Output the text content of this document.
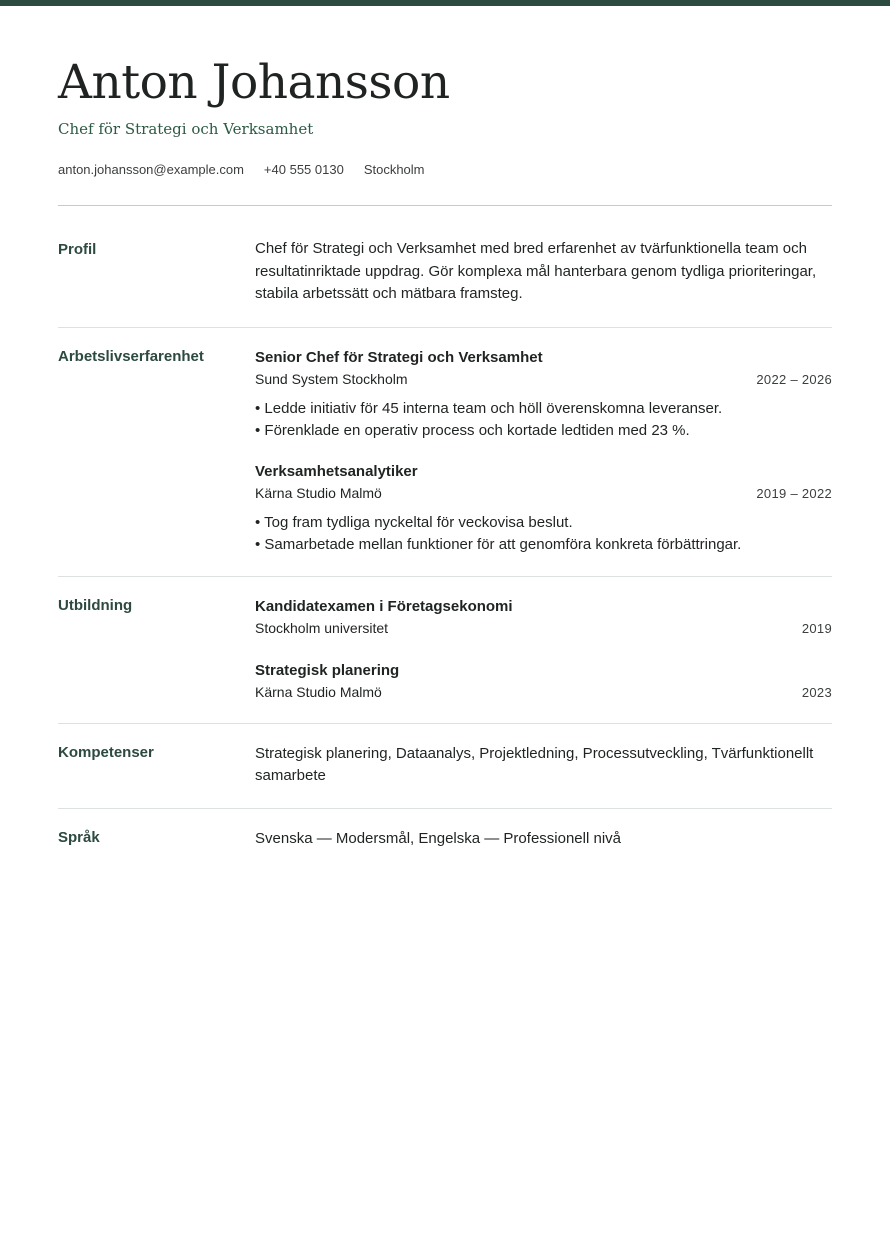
Anton Johansson
Chef för Strategi och Verksamhet
anton.johansson@example.com +40 555 0130 Stockholm
Profil	Chef för Strategi och Verksamhet med bred erfarenhet av tvärfunktionella team och resultatinriktade uppdrag. Gör komplexa mål hanterbara genom tydliga prioriteringar, stabila arbetssätt och mätbara framsteg.
Arbetslivserfarenhet	Senior Chef för Strategi och Verksamhet
Sund System Stockholm	2022 – 2026
• Ledde initiativ för 45 interna team och höll överenskomna leveranser.
• Förenklade en operativ process och kortade ledtiden med 23 %.
Verksamhetsanalytiker
Kärna Studio Malmö	2019 – 2022
• Tog fram tydliga nyckeltal för veckovisa beslut.
• Samarbetade mellan funktioner för att genomföra konkreta förbättringar.
Utbildning	Kandidatexamen i Företagsekonomi
Stockholm universitet	2019
Strategisk planering
Kärna Studio Malmö	2023
Kompetenser	Strategisk planering, Dataanalys, Projektledning, Processutveckling, Tvärfunktionellt samarbete
Språk	Svenska — Modersmål, Engelska — Professionell nivå
